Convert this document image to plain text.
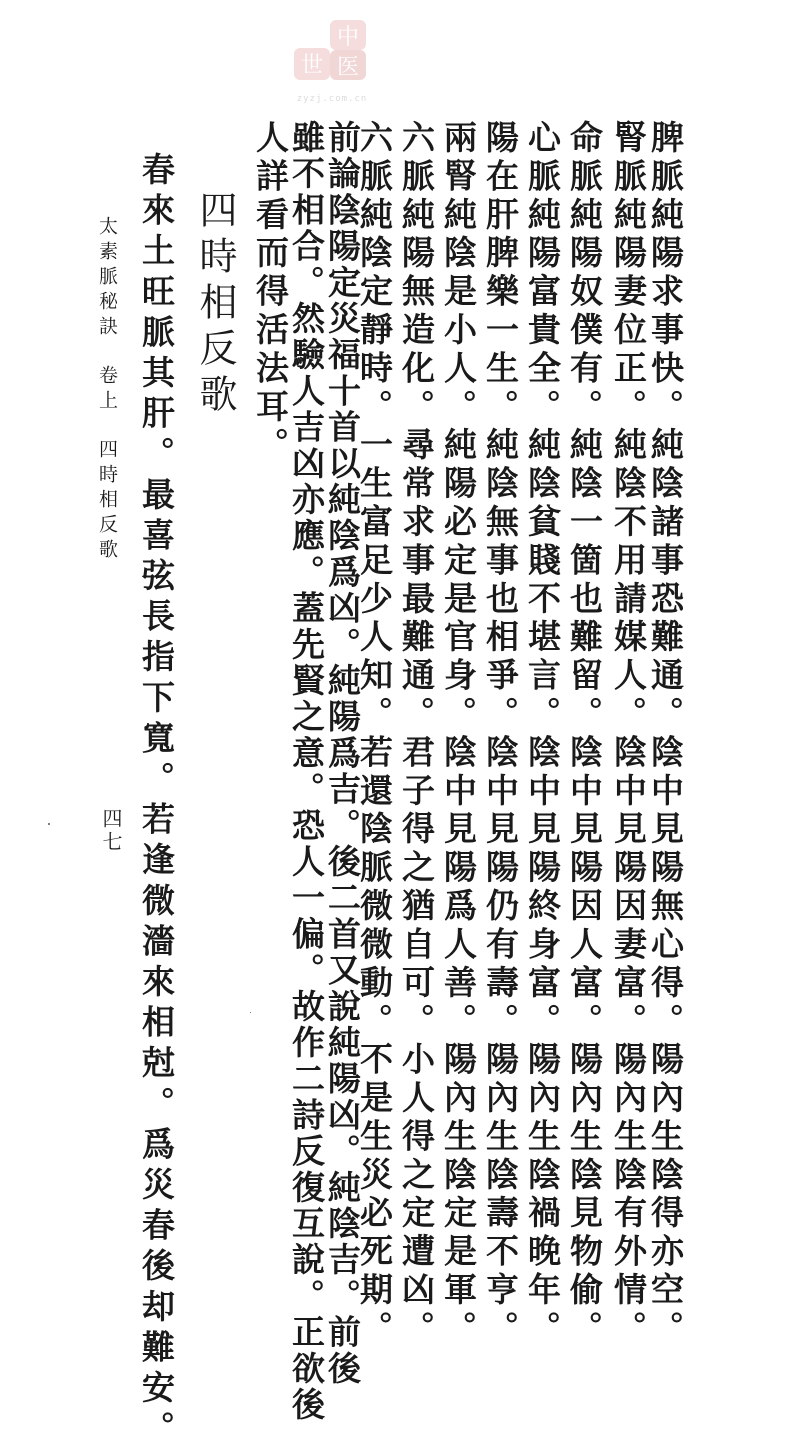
中
世 医
zyzj.com.cn
脾脈純陽求事快。純陰諸事恐難通。陰中見陽無心得。陽內生陰得亦空。
腎脈純陽妻位正。純陰不用請媒人。陰中見陽因妻富。陽內生陰有外情。
命脈純陽奴僕有。純陰一箇也難留。陰中見陽因人富。陽內生陰見物偷。
心脈純陽富貴全。純陰貧賤不堪言。陰中見陽終身富。陽內生陰禍晚年。
陽在肝脾樂一生。純陰無事也相爭。陰中見陽仍有壽。陽內生陰壽不亨。
兩腎純陰是小人。純陽必定是官身。陰中見陽爲人善。陽內生陰定是軍。
六脈純陽無造化。尋常求事最難通。君子得之猶自可。小人得之定遭凶。
六脈純陰定靜時。一生富足少人知。若還陰脈微微動。不是生災必死期。
前論陰陽定災福十首以純陰爲凶。純陽爲吉。後二首又說純陽凶。純陰吉。前後
雖不相合。然驗人吉凶亦應。蓋先賢之意。恐人一偏。故作二詩反復互說。正欲後
人詳看而得活法耳。
四時相反歌
春來土旺脈其肝。最喜弦長指下寬。若逢微濇來相尅。爲災春後却難安。
太素脈秘訣卷上四時相反歌
四七
